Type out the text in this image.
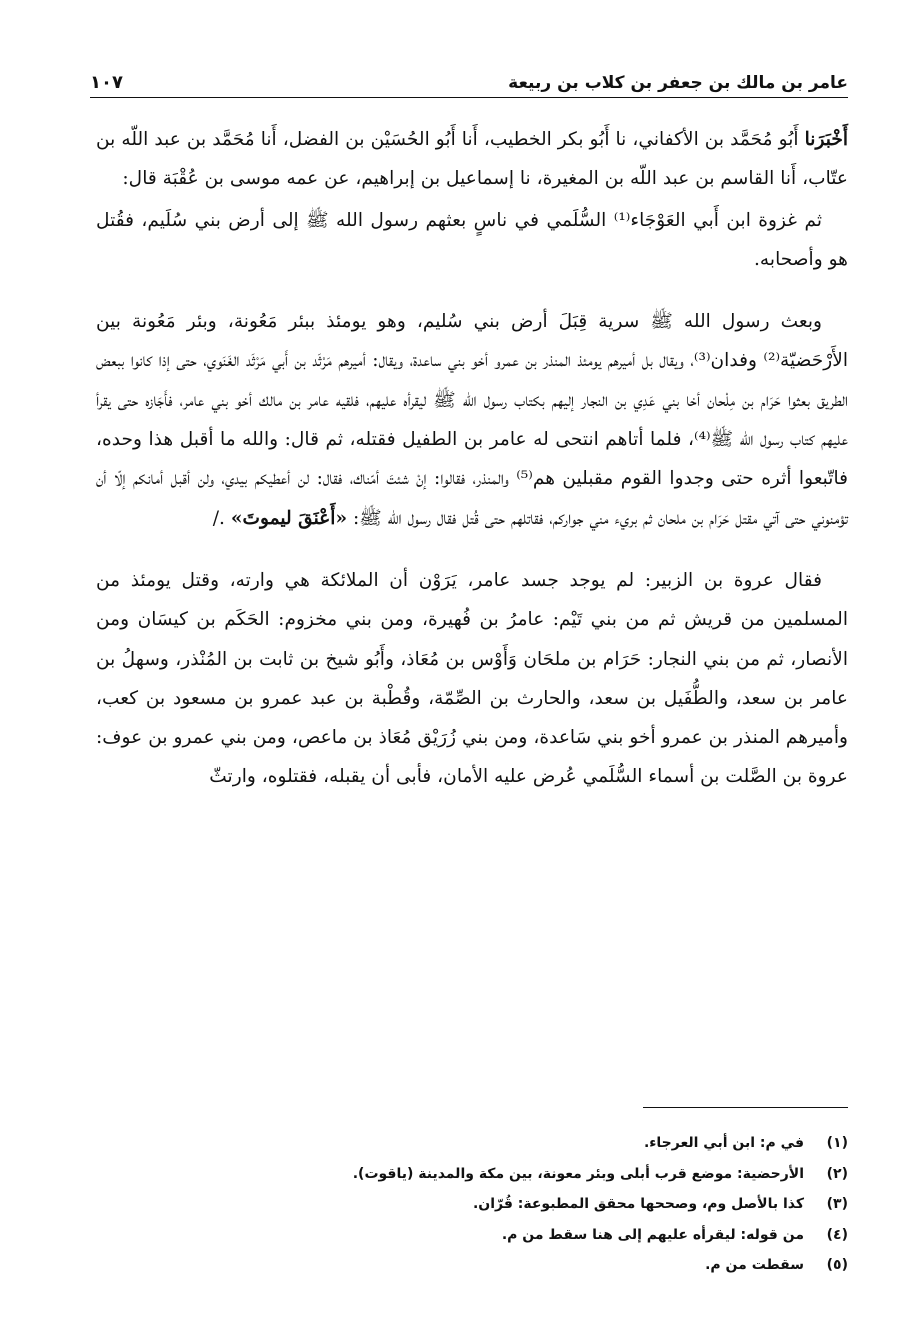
عامر بن مالك بن جعفر بن كلاب بن ربيعة
١٠٧

أَخْبَرَنا أَبُو مُحَمَّد بن الأكفاني، نا أَبُو بكر الخطيب، أَنا أَبُو الحُسَيْن بن الفضل، أَنا مُحَمَّد بن عبد اللّه بن عتّاب، أَنا القاسم بن عبد اللّه بن المغيرة، نا إسماعيل بن إبراهيم، عن عمه موسى بن عُقْبَة قال:

ثم غزوة ابن أَبي العَوْجَاء⁽¹⁾ السُّلَمي في ناسٍ بعثهم رسول الله ﷺ إلى أرض بني سُلَيم، فقُتل هو وأصحابه.

وبعث رسول الله ﷺ سرية قِبَلَ أرض بني سُليم، وهو يومئذ ببئر مَعُونة، وبئر مَعُونة بين الأَرْحَضيّة⁽²⁾ وفدان⁽³⁾، ويقال بل أميرهم يومئذ المنذر بن عمرو أخو بني ساعدة، ويقال: أميرهم مَرْثَد بن أَبي مَرْثَد الغَنَوي، حتى إذا كانوا ببعض الطريق بعثوا حَرَام بن مِلْحان أخا بني عَدِي بن النجار إليهم بكتاب رسول الله ﷺ ليقرأه عليهم، فلقيه عامر بن مالك أخو بني عامر، فأَجَازه حتى يقرأ عليهم كتاب رسول الله ﷺ⁽⁴⁾، فلما أتاهم انتحى له عامر بن الطفيل فقتله، ثم قال: والله ما أقبل هذا وحده، فاتّبعوا أثره حتى وجدوا القوم مقبلين هم⁽⁵⁾ والمنذر، فقالوا: إنْ شئتَ أمّناك، فقال: لن أعطيكم بيدي، ولن أقبل أمانكم إلّا أن تؤمنوني حتى آتي مقتل حَرَام بن ملحان ثم بريء مني جواركم، فقاتلهم حتى قُتل فقال رسول الله ﷺ: «أَعْنَقَ ليموتَ» ./

فقال عروة بن الزبير: لم يوجد جسد عامر، يَرَوْن أن الملائكة هي وارته، وقتل يومئذ من المسلمين من قريش ثم من بني تَيْم: عامرُ بن فُهيرة، ومن بني مخزوم: الحَكَم بن كيسَان ومن الأنصار، ثم من بني النجار: حَرَام بن ملحَان وَأَوْس بن مُعَاذ، وأَبُو شيخ بن ثابت بن المُنْذر، وسهلُ بن عامر بن سعد، والطُّفَيل بن سعد، والحارث بن الصِّمّة، وقُطْبة بن عبد عمرو بن مسعود بن كعب، وأميرهم المنذر بن عمرو أخو بني سَاعدة، ومن بني زُرَيْق مُعَاذ بن ماعص، ومن بني عمرو بن عوف: عروة بن الصَّلت بن أسماء السُّلَمي عُرض عليه الأمان، فأبى أن يقبله، فقتلوه، وارتثّ

(١)
في م: ابن أبي العرجاء.
(٢)
الأرحضية: موضع قرب أبلى وبئر معونة، بين مكة والمدينة (ياقوت).
(٣)
كذا بالأصل وم، وصححها محقق المطبوعة: قُرّان.
(٤)
من قوله: ليقرأه عليهم إلى هنا سقط من م.
(٥)
سقطت من م.
